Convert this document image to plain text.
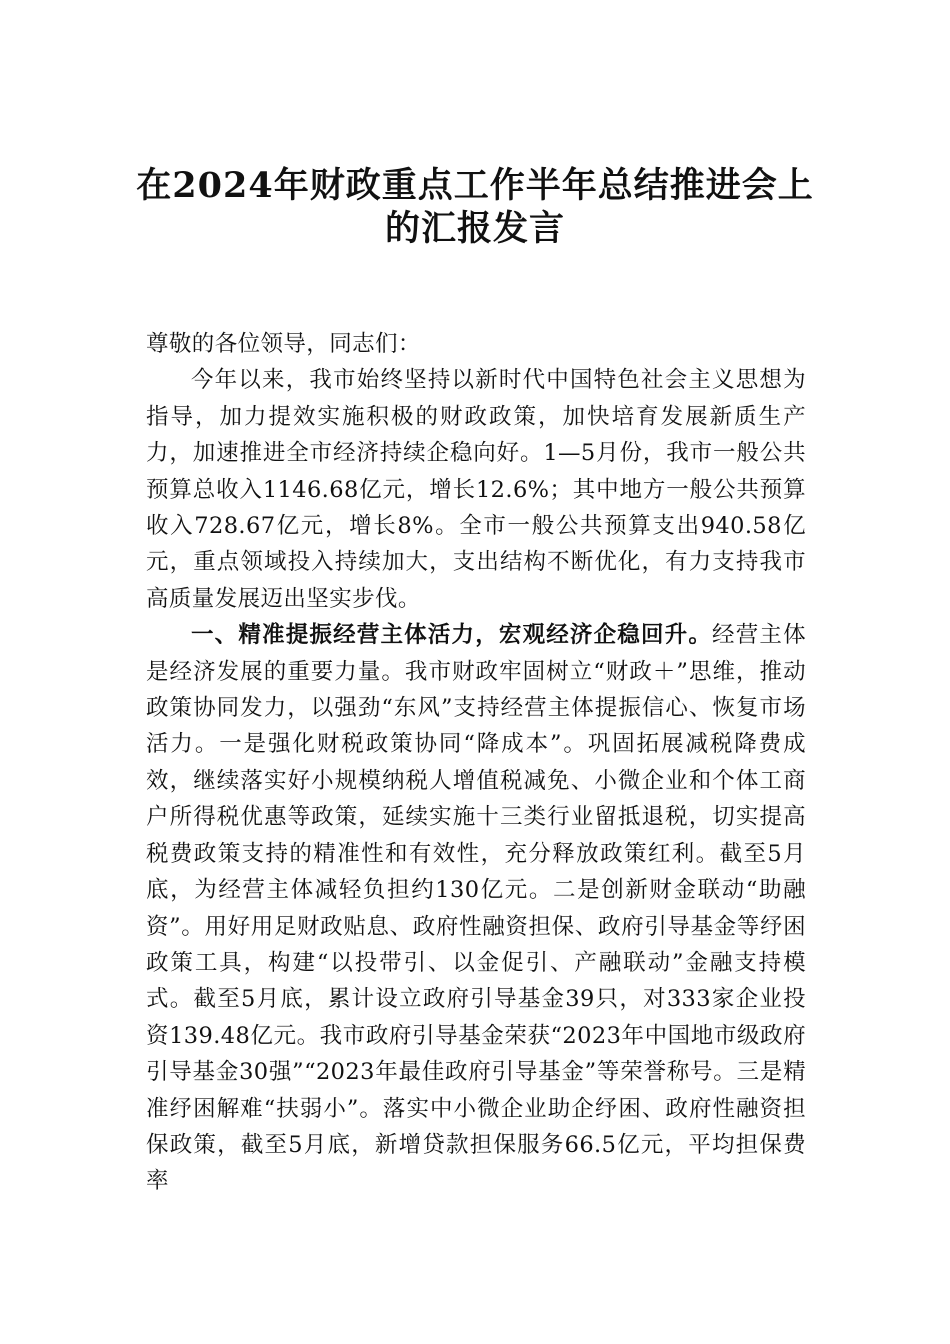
在2024年财政重点工作半年总结推进会上
的汇报发言

尊敬的各位领导，同志们：

今年以来，我市始终坚持以新时代中国特色社会主义思想为指导，加力提效实施积极的财政政策，加快培育发展新质生产力，加速推进全市经济持续企稳向好。1—5月份，我市一般公共预算总收入1146.68亿元，增长12.6%；其中地方一般公共预算收入728.67亿元，增长8%。全市一般公共预算支出940.58亿元，重点领域投入持续加大，支出结构不断优化，有力支持我市高质量发展迈出坚实步伐。

一、精准提振经营主体活力，宏观经济企稳回升。经营主体是经济发展的重要力量。我市财政牢固树立“财政＋”思维，推动政策协同发力，以强劲“东风”支持经营主体提振信心、恢复市场活力。一是强化财税政策协同“降成本”。巩固拓展减税降费成效，继续落实好小规模纳税人增值税减免、小微企业和个体工商户所得税优惠等政策，延续实施十三类行业留抵退税，切实提高税费政策支持的精准性和有效性，充分释放政策红利。截至5月底，为经营主体减轻负担约130亿元。二是创新财金联动“助融资”。用好用足财政贴息、政府性融资担保、政府引导基金等纾困政策工具，构建“以投带引、以金促引、产融联动”金融支持模式。截至5月底，累计设立政府引导基金39只，对333家企业投资139.48亿元。我市政府引导基金荣获“2023年中国地市级政府引导基金30强”“2023年最佳政府引导基金”等荣誉称号。三是精准纾困解难“扶弱小”。落实中小微企业助企纾困、政府性融资担保政策，截至5月底，新增贷款担保服务66.5亿元，平均担保费率
